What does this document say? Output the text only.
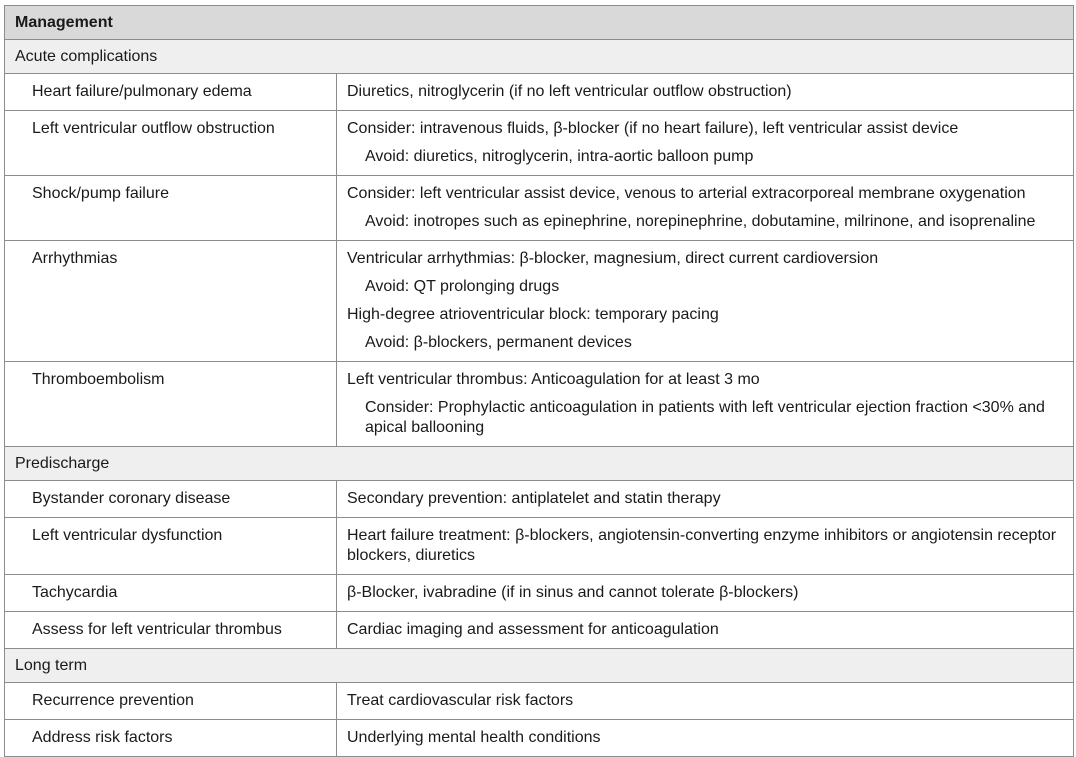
Management	
Acute complications	
Heart failure/pulmonary edema	Diuretics, nitroglycerin (if no left ventricular outflow obstruction)

Left ventricular outflow obstruction	Consider: intravenous fluids, β-blocker (if no heart failure), left ventricular assist device
Avoid: diuretics, nitroglycerin, intra-aortic balloon pump

Shock/pump failure	Consider: left ventricular assist device, venous to arterial extracorporeal membrane oxygenation
Avoid: inotropes such as epinephrine, norepinephrine, dobutamine, milrinone, and isoprenaline

Arrhythmias	Ventricular arrhythmias: β-blocker, magnesium, direct current cardioversion
Avoid: QT prolonging drugs
High-degree atrioventricular block: temporary pacing
Avoid: β-blockers, permanent devices

Thromboembolism	Left ventricular thrombus: Anticoagulation for at least 3 mo
Consider: Prophylactic anticoagulation in patients with left ventricular ejection fraction <30% and apical ballooning

Predischarge	
Bystander coronary disease	Secondary prevention: antiplatelet and statin therapy

Left ventricular dysfunction	Heart failure treatment: β-blockers, angiotensin-converting enzyme inhibitors or angiotensin receptor blockers, diuretics

Tachycardia	β-Blocker, ivabradine (if in sinus and cannot tolerate β-blockers)

Assess for left ventricular thrombus	Cardiac imaging and assessment for anticoagulation

Long term	
Recurrence prevention	Treat cardiovascular risk factors

Address risk factors	Underlying mental health conditions
